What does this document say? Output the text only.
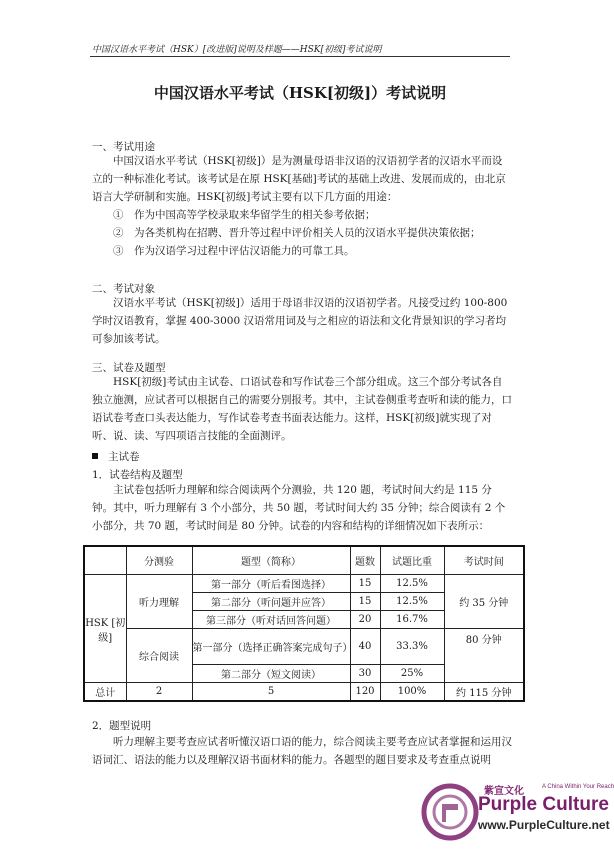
中国汉语水平考试（HSK）[改进版]说明及样题——HSK[初级]考试说明
中国汉语水平考试（HSK[初级]）考试说明
一、考试用途

中国汉语水平考试（HSK[初级]）是为测量母语非汉语的汉语初学者的汉语水平而设立的一种标准化考试。该考试是在原 HSK[基础]考试的基础上改进、发展而成的，由北京语言大学研制和实施。HSK[初级]考试主要有以下几方面的用途：

①　作为中国高等学校录取来华留学生的相关参考依据；
②　为各类机构在招聘、晋升等过程中评价相关人员的汉语水平提供决策依据；
③　作为汉语学习过程中评估汉语能力的可靠工具。
二、考试对象

汉语水平考试（HSK[初级]）适用于母语非汉语的汉语初学者。凡接受过约 100-800 学时汉语教育，掌握 400-3000 汉语常用词及与之相应的语法和文化背景知识的学习者均可参加该考试。

三、试卷及题型

HSK[初级]考试由主试卷、口语试卷和写作试卷三个部分组成。这三个部分考试各自独立施测，应试者可以根据自己的需要分别报考。其中，主试卷侧重考查听和读的能力，口语试卷考查口头表达能力，写作试卷考查书面表达能力。这样，HSK[初级]就实现了对听、说、读、写四项语言技能的全面测评。

主试卷
1．试卷结构及题型

主试卷包括听力理解和综合阅读两个分测验，共 120 题，考试时间大约是 115 分钟。其中，听力理解有 3 个小部分，共 50 题，考试时间大约 35 分钟；综合阅读有 2 个小部分，共 70 题，考试时间是 80 分钟。试卷的内容和结构的详细情况如下表所示：

	分测验	题型（简称）	题数	试题比重	考试时间
HSK [初级]	听力理解	第一部分（听后看图选择）	15	12.5%	约 35 分钟
		第二部分（听问题并应答）	15	12.5%	
		第三部分（听对话回答问题）	20	16.7%	
	综合阅读	第一部分（选择正确答案完成句子）	40	33.3%	80 分钟
		第二部分（短文阅读）	30	25%	
总计	2	5	120	100%	约 115 分钟
2．题型说明

听力理解主要考查应试者听懂汉语口语的能力，综合阅读主要考查应试者掌握和运用汉语词汇、语法的能力以及理解汉语书面材料的能力。各题型的题目要求及考查重点说明

紫宣文化	A China Within Your Reach
Purple Culture
www.PurpleCulture.net
